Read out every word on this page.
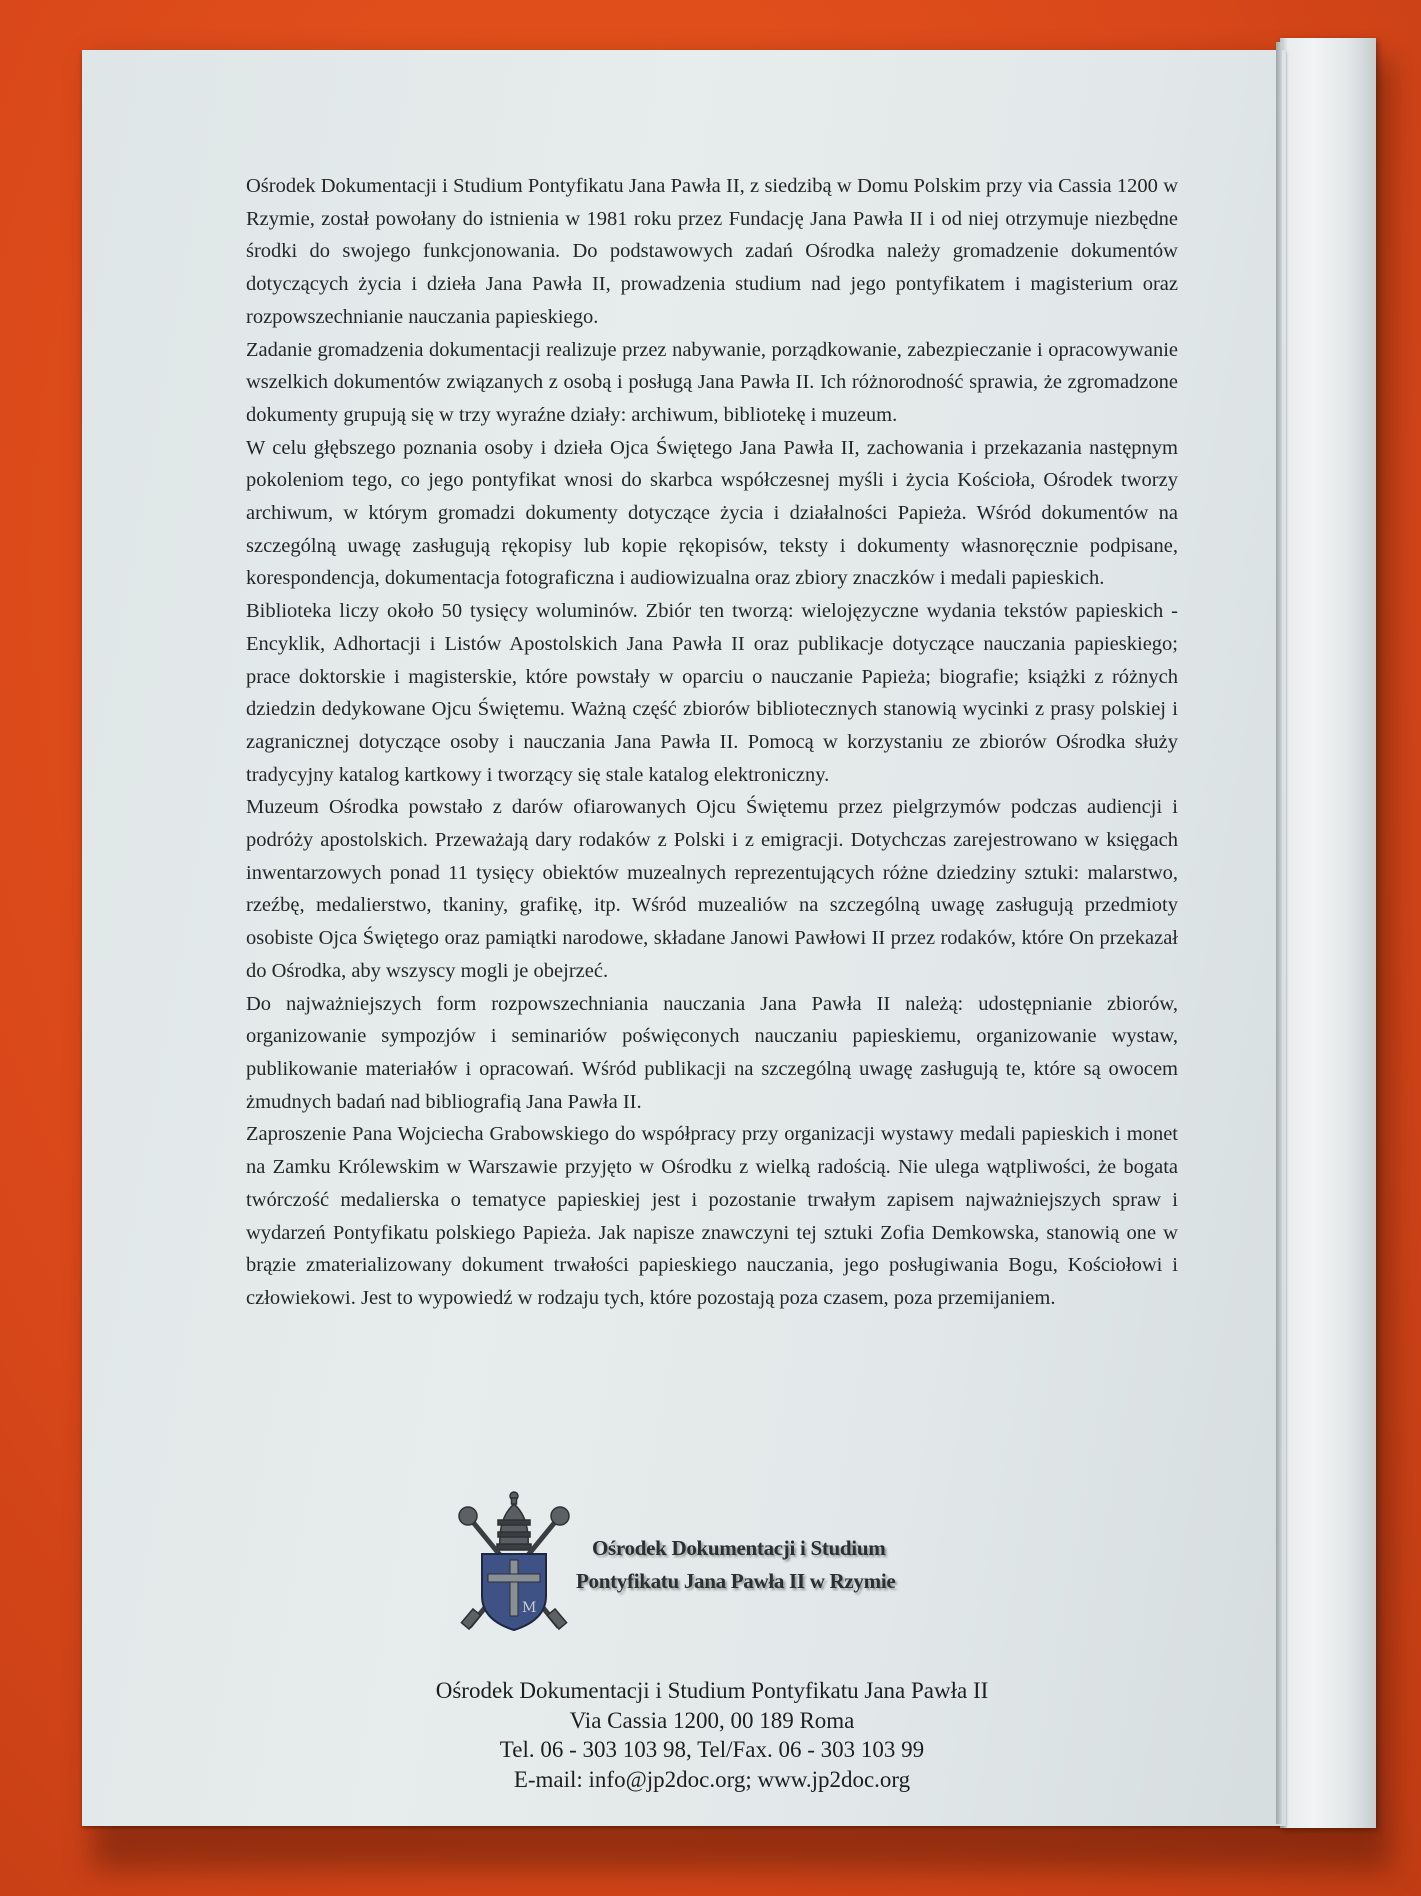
Ośrodek Dokumentacji i Studium Pontyfikatu Jana Pawła II, z siedzibą w Domu Polskim przy via Cassia 1200 w Rzymie, został powołany do istnienia w 1981 roku przez Fundację Jana Pawła II i od niej otrzymuje niezbędne środki do swojego funkcjonowania. Do podstawowych zadań Ośrodka należy gromadzenie dokumentów dotyczących życia i dzieła Jana Pawła II, prowadzenia studium nad jego pontyfikatem i magisterium oraz rozpowszechnianie nauczania papieskiego.

Zadanie gromadzenia dokumentacji realizuje przez nabywanie, porządkowanie, zabezpieczanie i opracowywanie wszelkich dokumentów związanych z osobą i posługą Jana Pawła II. Ich różnorodność sprawia, że zgromadzone dokumenty grupują się w trzy wyraźne działy: archiwum, bibliotekę i muzeum.

W celu głębszego poznania osoby i dzieła Ojca Świętego Jana Pawła II, zachowania i przekazania następnym pokoleniom tego, co jego pontyfikat wnosi do skarbca współczesnej myśli i życia Kościoła, Ośrodek tworzy archiwum, w którym gromadzi dokumenty dotyczące życia i działalności Papieża. Wśród dokumentów na szczególną uwagę zasługują rękopisy lub kopie rękopisów, teksty i dokumenty własnoręcznie podpisane, korespondencja, dokumentacja fotograficzna i audiowizualna oraz zbiory znaczków i medali papieskich.

Biblioteka liczy około 50 tysięcy woluminów. Zbiór ten tworzą: wielojęzyczne wydania tekstów papieskich - Encyklik, Adhortacji i Listów Apostolskich Jana Pawła II oraz publikacje dotyczące nauczania papieskiego; prace doktorskie i magisterskie, które powstały w oparciu o nauczanie Papieża; biografie; książki z różnych dziedzin dedykowane Ojcu Świętemu. Ważną część zbiorów bibliotecznych stanowią wycinki z prasy polskiej i zagranicznej dotyczące osoby i nauczania Jana Pawła II. Pomocą w korzystaniu ze zbiorów Ośrodka służy tradycyjny katalog kartkowy i tworzący się stale katalog elektroniczny.

Muzeum Ośrodka powstało z darów ofiarowanych Ojcu Świętemu przez pielgrzymów podczas audiencji i podróży apostolskich. Przeważają dary rodaków z Polski i z emigracji. Dotychczas zarejestrowano w księgach inwentarzowych ponad 11 tysięcy obiektów muzealnych reprezentujących różne dziedziny sztuki: malarstwo, rzeźbę, medalierstwo, tkaniny, grafikę, itp. Wśród muzealiów na szczególną uwagę zasługują przedmioty osobiste Ojca Świętego oraz pamiątki narodowe, składane Janowi Pawłowi II przez rodaków, które On przekazał do Ośrodka, aby wszyscy mogli je obejrzeć.

Do najważniejszych form rozpowszechniania nauczania Jana Pawła II należą: udostępnianie zbiorów, organizowanie sympozjów i seminariów poświęconych nauczaniu papieskiemu, organizowanie wystaw, publikowanie materiałów i opracowań. Wśród publikacji na szczególną uwagę zasługują te, które są owocem żmudnych badań nad bibliografią Jana Pawła II.

Zaproszenie Pana Wojciecha Grabowskiego do współpracy przy organizacji wystawy medali papieskich i monet na Zamku Królewskim w Warszawie przyjęto w Ośrodku z wielką radością. Nie ulega wątpliwości, że bogata twórczość medalierska o tematyce papieskiej jest i pozostanie trwałym zapisem najważniejszych spraw i wydarzeń Pontyfikatu polskiego Papieża. Jak napisze znawczyni tej sztuki Zofia Demkowska, stanowią one w brązie zmaterializowany dokument trwałości papieskiego nauczania, jego posługiwania Bogu, Kościołowi i człowiekowi. Jest to wypowiedź w rodzaju tych, które pozostają poza czasem, poza przemijaniem.

M
Ośrodek Dokumentacji i Studium
Pontyfikatu Jana Pawła II w Rzymie
Ośrodek Dokumentacji i Studium Pontyfikatu Jana Pawła II
Via Cassia 1200, 00 189 Roma
Tel. 06 - 303 103 98, Tel/Fax. 06 - 303 103 99
E-mail: info@jp2doc.org; www.jp2doc.org
